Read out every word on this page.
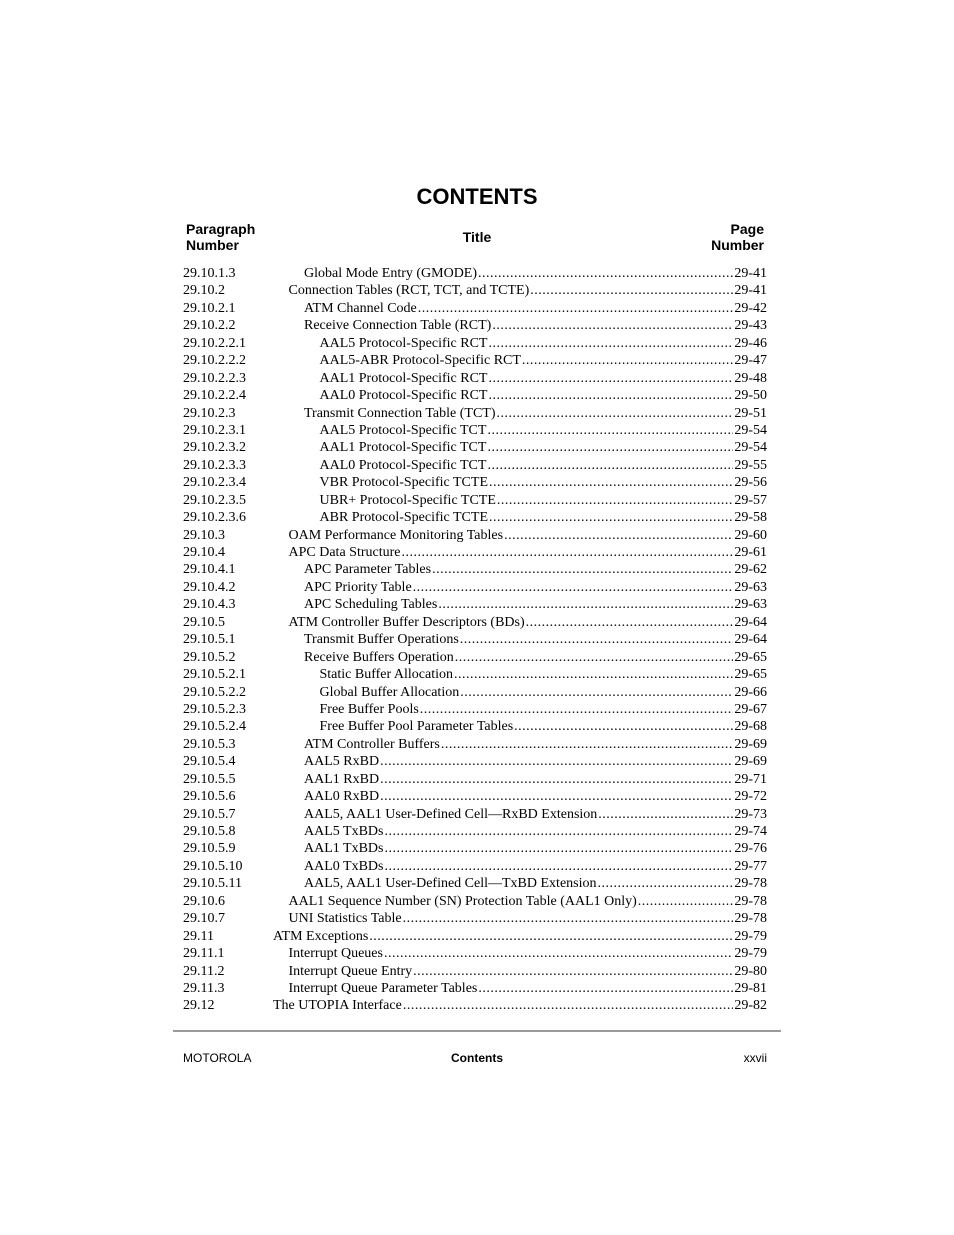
CONTENTS
Paragraph
Number	Title	Page
Number
29.10.1.3	Global Mode Entry (GMODE) .....	29-41
29.10.2	Connection Tables (RCT, TCT, and TCTE) .....	29-41
29.10.2.1	ATM Channel Code .....	29-42
29.10.2.2	Receive Connection Table (RCT) .....	29-43
29.10.2.2.1	AAL5 Protocol-Specific RCT .....	29-46
29.10.2.2.2	AAL5-ABR Protocol-Specific RCT .....	29-47
29.10.2.2.3	AAL1 Protocol-Specific RCT .....	29-48
29.10.2.2.4	AAL0 Protocol-Specific RCT .....	29-50
29.10.2.3	Transmit Connection Table (TCT) .....	29-51
29.10.2.3.1	AAL5 Protocol-Specific TCT .....	29-54
29.10.2.3.2	AAL1 Protocol-Specific TCT .....	29-54
29.10.2.3.3	AAL0 Protocol-Specific TCT .....	29-55
29.10.2.3.4	VBR Protocol-Specific TCTE .....	29-56
29.10.2.3.5	UBR+ Protocol-Specific TCTE .....	29-57
29.10.2.3.6	ABR Protocol-Specific TCTE .....	29-58
29.10.3	OAM Performance Monitoring Tables .....	29-60
29.10.4	APC Data Structure .....	29-61
29.10.4.1	APC Parameter Tables .....	29-62
29.10.4.2	APC Priority Table .....	29-63
29.10.4.3	APC Scheduling Tables .....	29-63
29.10.5	ATM Controller Buffer Descriptors (BDs) .....	29-64
29.10.5.1	Transmit Buffer Operations .....	29-64
29.10.5.2	Receive Buffers Operation .....	29-65
29.10.5.2.1	Static Buffer Allocation .....	29-65
29.10.5.2.2	Global Buffer Allocation .....	29-66
29.10.5.2.3	Free Buffer Pools .....	29-67
29.10.5.2.4	Free Buffer Pool Parameter Tables .....	29-68
29.10.5.3	ATM Controller Buffers .....	29-69
29.10.5.4	AAL5 RxBD .....	29-69
29.10.5.5	AAL1 RxBD .....	29-71
29.10.5.6	AAL0 RxBD .....	29-72
29.10.5.7	AAL5, AAL1 User-Defined Cell—RxBD Extension .....	29-73
29.10.5.8	AAL5 TxBDs .....	29-74
29.10.5.9	AAL1 TxBDs .....	29-76
29.10.5.10	AAL0 TxBDs .....	29-77
29.10.5.11	AAL5, AAL1 User-Defined Cell—TxBD Extension .....	29-78
29.10.6	AAL1 Sequence Number (SN) Protection Table (AAL1 Only) .....	29-78
29.10.7	UNI Statistics Table .....	29-78
29.11	ATM Exceptions .....	29-79
29.11.1	Interrupt Queues .....	29-79
29.11.2	Interrupt Queue Entry .....	29-80
29.11.3	Interrupt Queue Parameter Tables .....	29-81
29.12	The UTOPIA Interface .....	29-82
MOTOROLA	Contents	xxvii
